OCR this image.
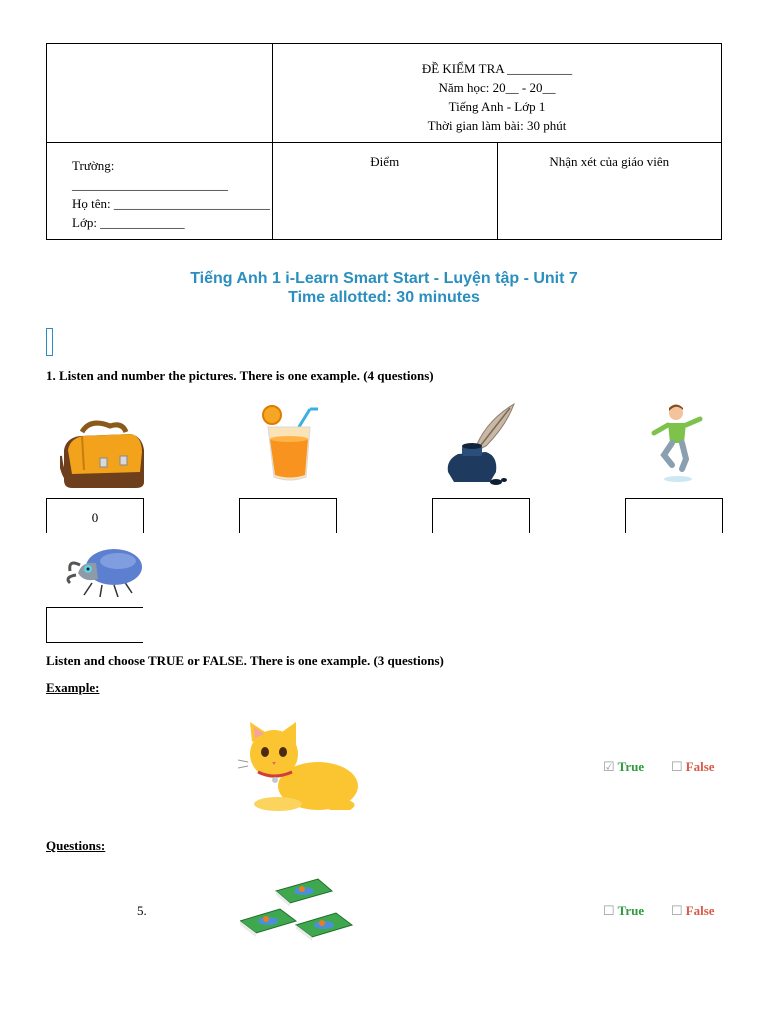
	ĐỀ KIỂM TRA __________
Năm học: 20__ - 20__
Tiếng Anh - Lớp 1
Thời gian làm bài: 30 phút	

Trường:
________________________
Họ tên: ________________________
Lớp: _____________	Điểm	Nhận xét của giáo viên
Tiếng Anh 1 i-Learn Smart Start - Luyện tập - Unit 7
Time allotted: 30 minutes
1. Listen and number the pictures. There is one example. (4 questions)
0
Listen and choose TRUE or FALSE. There is one example. (3 questions)
Example:
☑ True ☐ False
Questions:
5.	☐ True ☐ False
